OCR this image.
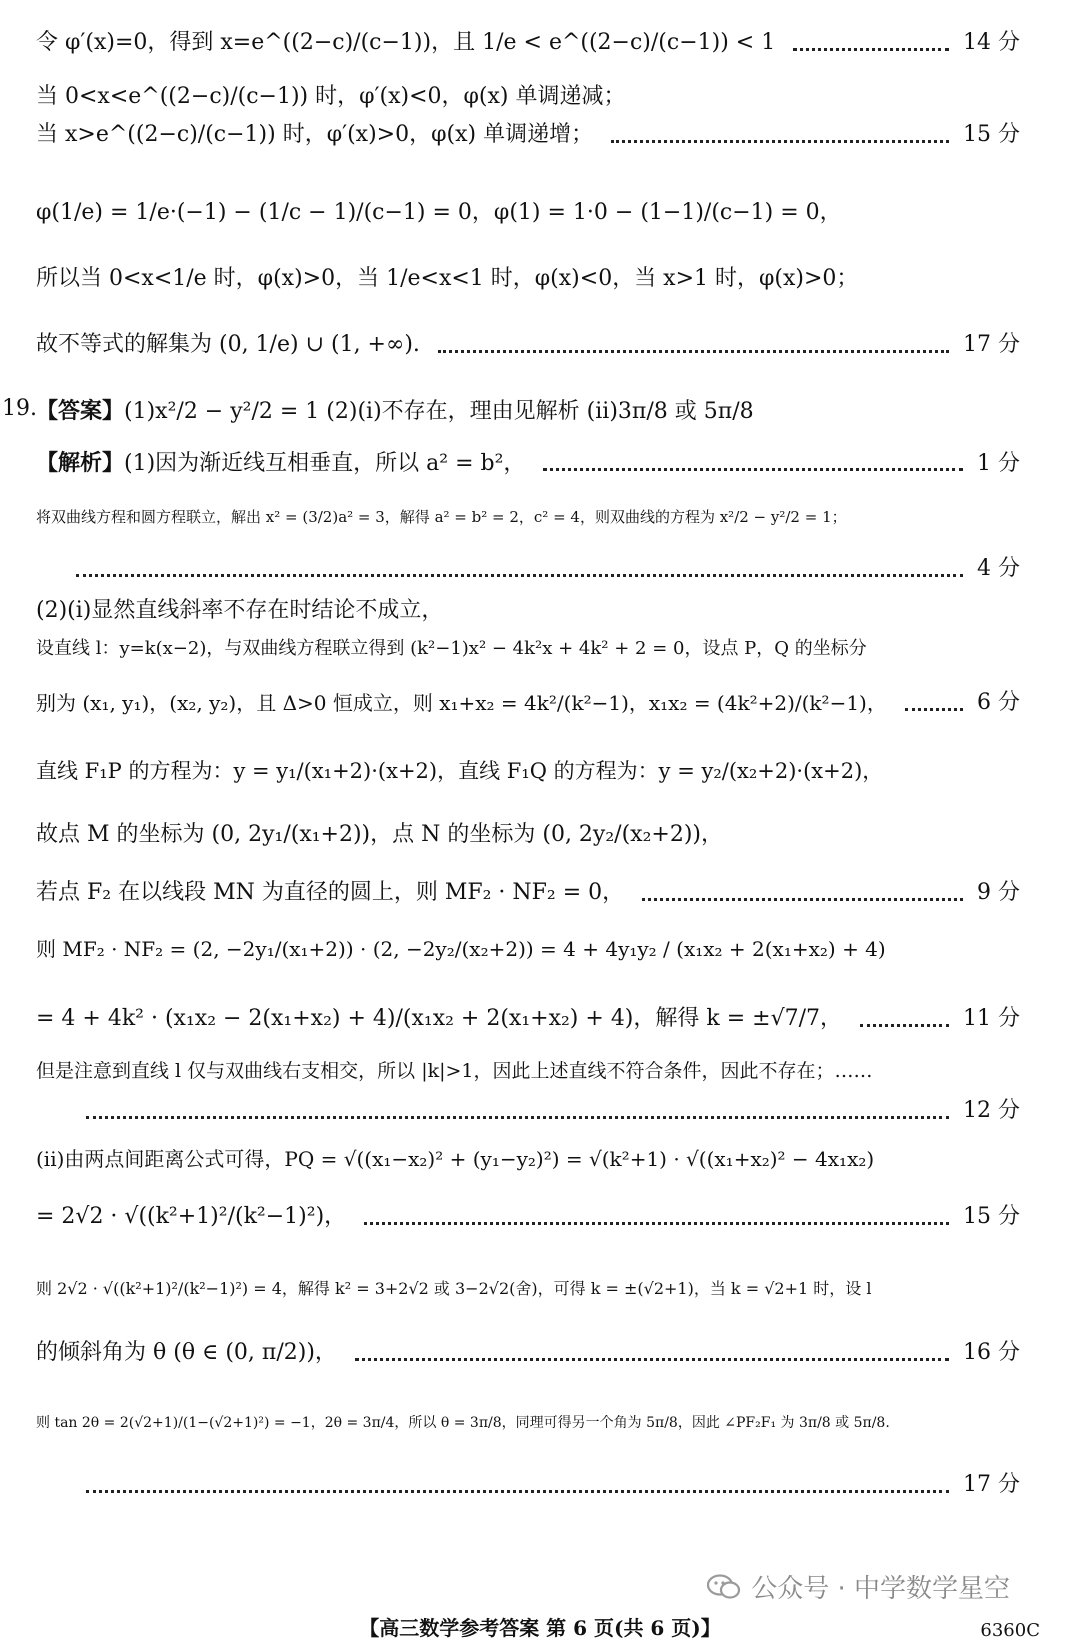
令 φ′(x)=0，得到 x=e^((2−c)/(c−1))，且 1/e < e^((2−c)/(c−1)) < 1	14 分
当 0<x<e^((2−c)/(c−1)) 时，φ′(x)<0，φ(x) 单调递减；
当 x>e^((2−c)/(c−1)) 时，φ′(x)>0，φ(x) 单调递增；	15 分
φ(1/e) = 1/e·(−1) − (1/c − 1)/(c−1) = 0，φ(1) = 1·0 − (1−1)/(c−1) = 0，
所以当 0<x<1/e 时，φ(x)>0，当 1/e<x<1 时，φ(x)<0，当 x>1 时，φ(x)>0；
故不等式的解集为 (0, 1/e) ∪ (1, +∞).	17 分
19. 【答案】(1)x²/2 − y²/2 = 1 (2)(i)不存在，理由见解析 (ii)3π/8 或 5π/8
【解析】(1)因为渐近线互相垂直，所以 a² = b²，	1 分
将双曲线方程和圆方程联立，解出 x² = (3/2)a² = 3，解得 a² = b² = 2，c² = 4，则双曲线的方程为 x²/2 − y²/2 = 1；
4 分
(2)(i)显然直线斜率不存在时结论不成立，
设直线 l：y=k(x−2)，与双曲线方程联立得到 (k²−1)x² − 4k²x + 4k² + 2 = 0，设点 P，Q 的坐标分
别为 (x₁, y₁)，(x₂, y₂)，且 Δ>0 恒成立，则 x₁+x₂ = 4k²/(k²−1)，x₁x₂ = (4k²+2)/(k²−1)，	6 分
直线 F₁P 的方程为：y = y₁/(x₁+2)·(x+2)，直线 F₁Q 的方程为：y = y₂/(x₂+2)·(x+2)，
故点 M 的坐标为 (0, 2y₁/(x₁+2))，点 N 的坐标为 (0, 2y₂/(x₂+2))，
若点 F₂ 在以线段 MN 为直径的圆上，则 MF₂ · NF₂ = 0，	9 分
则 MF₂ · NF₂ = (2, −2y₁/(x₁+2)) · (2, −2y₂/(x₂+2)) = 4 + 4y₁y₂ / (x₁x₂ + 2(x₁+x₂) + 4)
= 4 + 4k² · (x₁x₂ − 2(x₁+x₂) + 4)/(x₁x₂ + 2(x₁+x₂) + 4)，解得 k = ±√7/7，	11 分
但是注意到直线 l 仅与双曲线右支相交，所以 |k|>1，因此上述直线不符合条件，因此不存在；……
12 分
(ii)由两点间距离公式可得，PQ = √((x₁−x₂)² + (y₁−y₂)²) = √(k²+1) · √((x₁+x₂)² − 4x₁x₂)
= 2√2 · √((k²+1)²/(k²−1)²)，	15 分
则 2√2 · √((k²+1)²/(k²−1)²) = 4，解得 k² = 3+2√2 或 3−2√2(舍)，可得 k = ±(√2+1)，当 k = √2+1 时，设 l
的倾斜角为 θ (θ ∈ (0, π/2))，	16 分
则 tan 2θ = 2(√2+1)/(1−(√2+1)²) = −1，2θ = 3π/4，所以 θ = 3π/8，同理可得另一个角为 5π/8，因此 ∠PF₂F₁ 为 3π/8 或 5π/8.
17 分
公众号 · 中学数学星空
【高三数学参考答案 第 6 页(共 6 页)】	6360C
